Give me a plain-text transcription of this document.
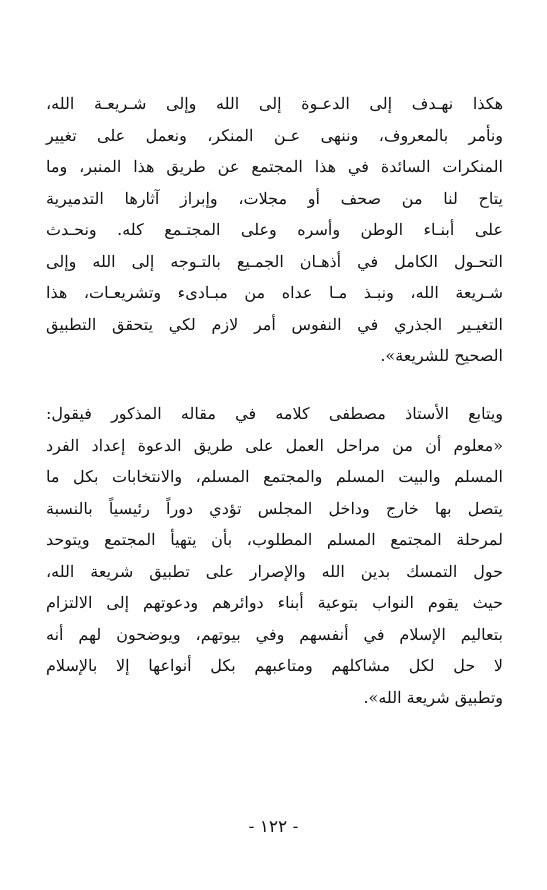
هكذا نهـدف إلى الدعـوة إلى الله وإلى شـريعـة الله،
ونأمر بالمعروف، وننهى عـن المنكر، ونعمل على تغيير
المنكرات السائدة في هذا المجتمع عن طريق هذا المنبر، وما
يتاح لنا من صحف أو مجلات، وإبراز آثارها التدميرية
على أبنـاء الوطن وأسره وعلى المجتـمع كله. ونحـدث
التحـول الكامل في أذهـان الجمـيع بالتـوجه إلى الله وإلى
شـريعة الله، ونبـذ مـا عداه من مبـادىء وتشريعـات، هذا
التغيـير الجذري في النفوس أمر لازم لكي يتحقق التطبيق
الصحيح للشريعة».
ويتابع الأستاذ مصطفى كلامه في مقاله المذكور فيقول:
«معلوم أن من مراحل العمل على طريق الدعوة إعداد الفرد
المسلم والبيت المسلم والمجتمع المسلم، والانتخابات بكل ما
يتصل بها خارج وداخل المجلس تؤدي دوراً رئيسياً بالنسبة
لمرحلة المجتمع المسلم المطلوب، بأن يتهيأ المجتمع ويتوحد
حول التمسك بدين الله والإصرار على تطبيق شريعة الله،
حيث يقوم النواب بتوعية أبناء دوائرهم ودعوتهم إلى الالتزام
بتعاليم الإسلام في أنفسهم وفي بيوتهم، ويوضحون لهم أنه
لا حل لكل مشاكلهم ومتاعبهم بكل أنواعها إلا بالإسلام
وتطبيق شريعة الله».
- ١٢٢ -
